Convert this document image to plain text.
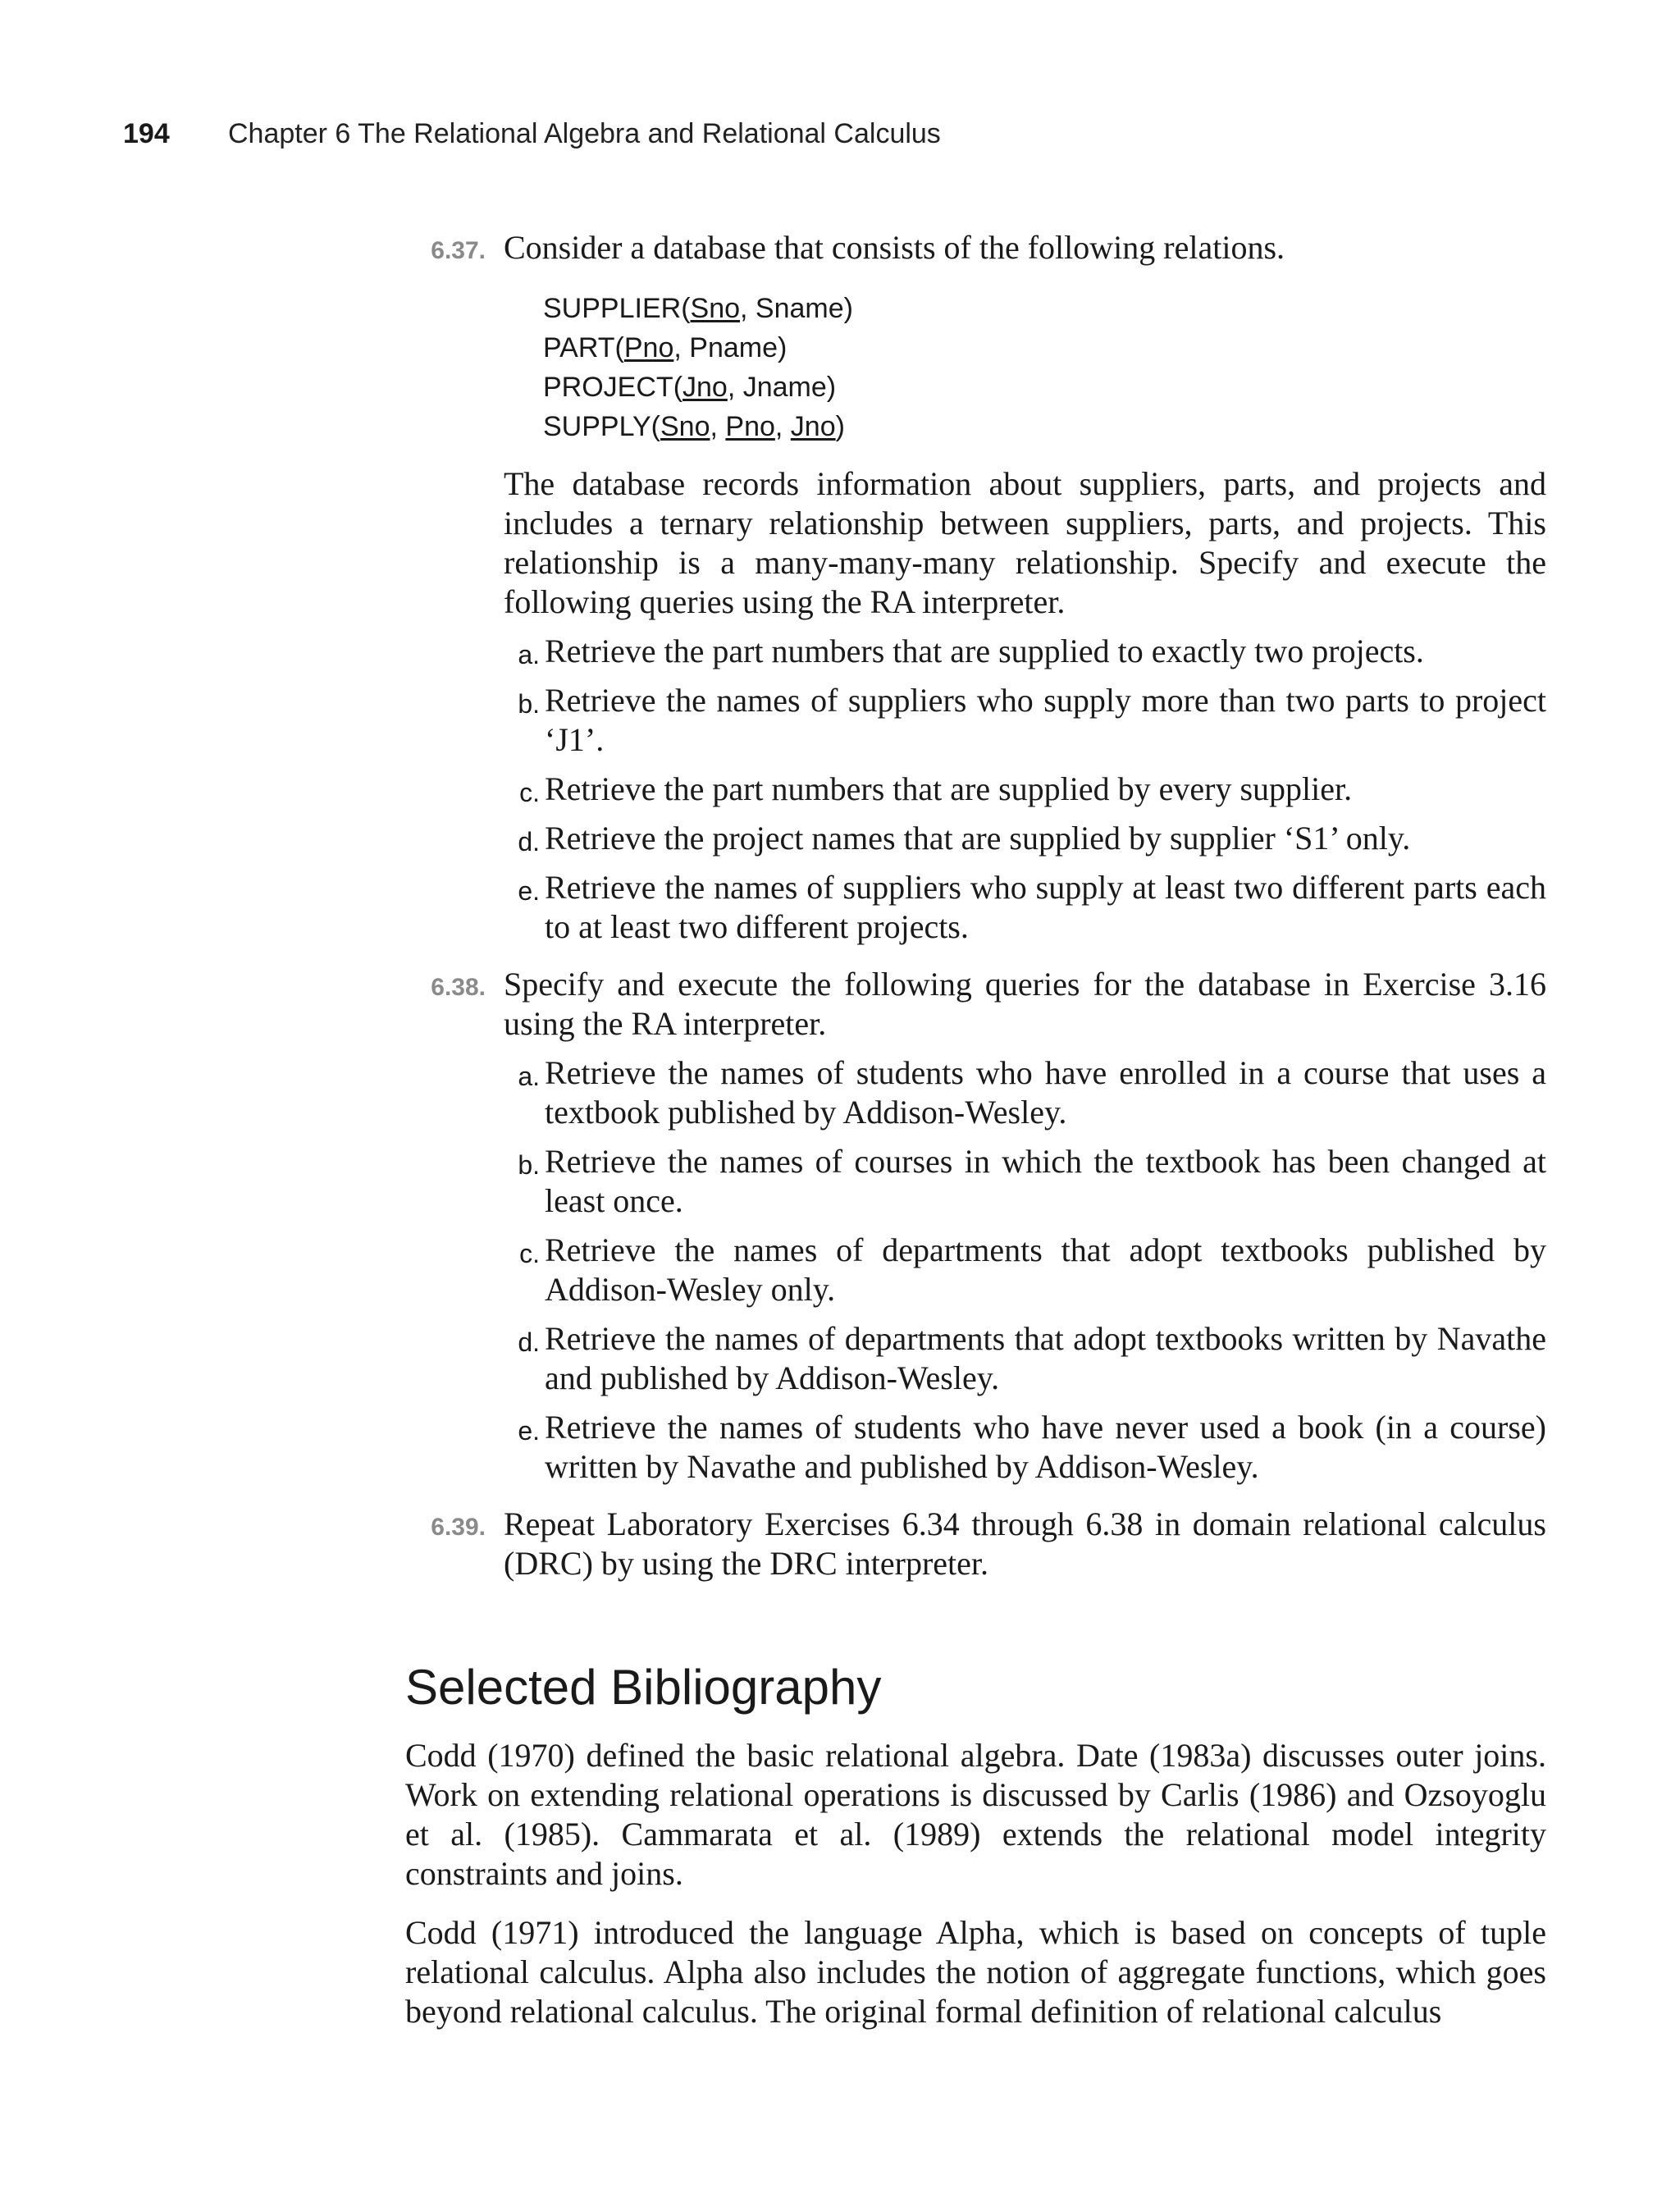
194 Chapter 6 The Relational Algebra and Relational Calculus
6.37. Consider a database that consists of the following relations.

SUPPLIER(Sno, Sname)
PART(Pno, Pname)
PROJECT(Jno, Jname)
SUPPLY(Sno, Pno, Jno)

The database records information about suppliers, parts, and projects and includes a ternary relationship between suppliers, parts, and projects. This relationship is a many-many-many relationship. Specify and execute the following queries using the RA interpreter.

a. Retrieve the part numbers that are supplied to exactly two projects.
b. Retrieve the names of suppliers who supply more than two parts to project ‘J1’.
c. Retrieve the part numbers that are supplied by every supplier.
d. Retrieve the project names that are supplied by supplier ‘S1’ only.
e. Retrieve the names of suppliers who supply at least two different parts each to at least two different projects.
6.38. Specify and execute the following queries for the database in Exercise 3.16 using the RA interpreter.

a. Retrieve the names of students who have enrolled in a course that uses a textbook published by Addison-Wesley.
b. Retrieve the names of courses in which the textbook has been changed at least once.
c. Retrieve the names of departments that adopt textbooks published by Addison-Wesley only.
d. Retrieve the names of departments that adopt textbooks written by Navathe and published by Addison-Wesley.
e. Retrieve the names of students who have never used a book (in a course) written by Navathe and published by Addison-Wesley.
6.39. Repeat Laboratory Exercises 6.34 through 6.38 in domain relational calculus (DRC) by using the DRC interpreter.

Selected Bibliography

Codd (1970) defined the basic relational algebra. Date (1983a) discusses outer joins. Work on extending relational operations is discussed by Carlis (1986) and Ozsoyoglu et al. (1985). Cammarata et al. (1989) extends the relational model integrity constraints and joins.

Codd (1971) introduced the language Alpha, which is based on concepts of tuple relational calculus. Alpha also includes the notion of aggregate functions, which goes beyond relational calculus. The original formal definition of relational calculus
